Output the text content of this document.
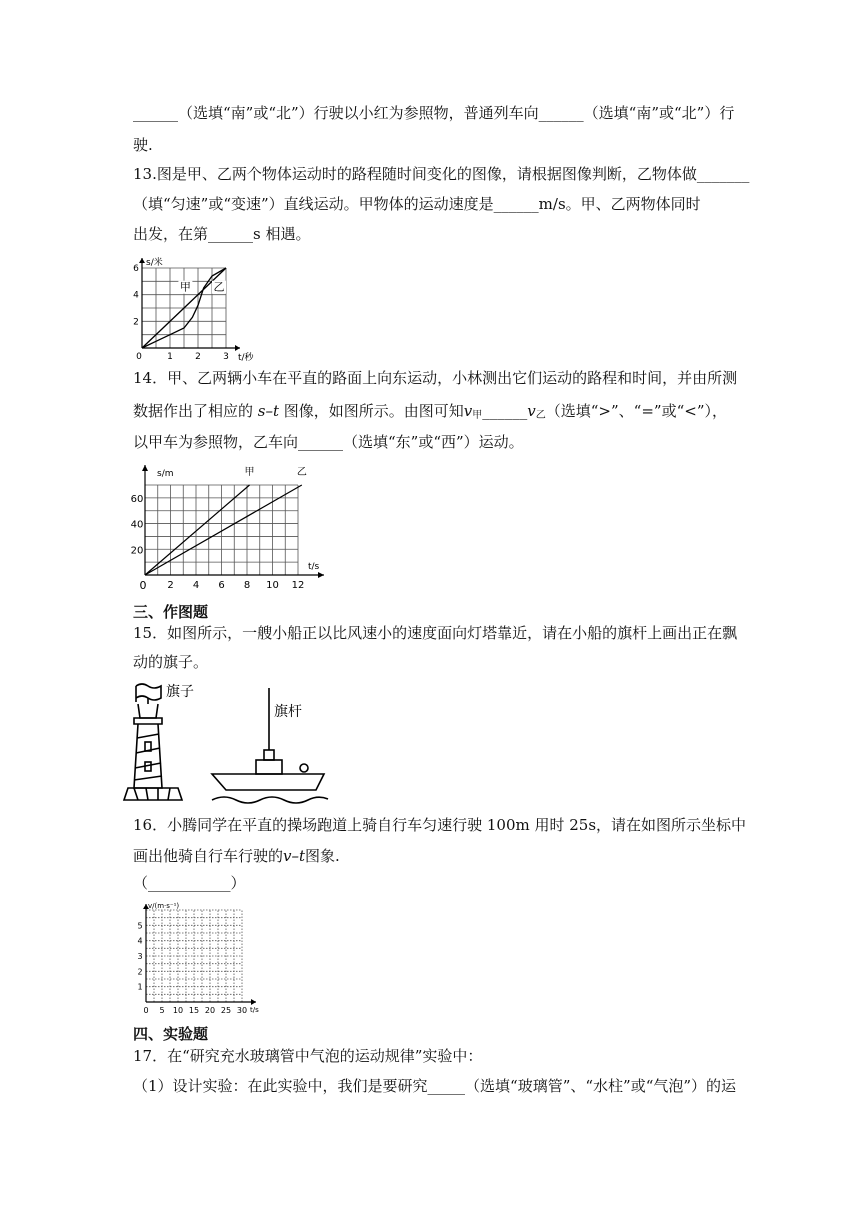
______（选填“南”或“北”）行驶以小红为参照物，普通列车向______（选填“南”或“北”）行
驶.
13.图是甲、乙两个物体运动时的路程随时间变化的图像，请根据图像判断，乙物体做_______
（填“匀速”或“变速”）直线运动。甲物体的运动速度是______m/s。甲、乙两物体同时
出发，在第______s 相遇。
14．甲、乙两辆小车在平直的路面上向东运动，小林测出它们运动的路程和时间，并由所测
数据作出了相应的 s–t 图像，如图所示。由图可知$v_甲\_\_\_\_\_\_v_乙$（选填“>”、“=”或“<”），
以甲车为参照物，乙车向______（选填“东”或“西”）运动。
三、作图题
15．如图所示，一艘小船正以比风速小的速度面向灯塔靠近，请在小船的旗杆上画出正在飘
动的旗子。
16．小腾同学在平直的操场跑道上骑自行车匀速行驶 100m 用时 25s，请在如图所示坐标中
画出他骑自行车行驶的v–t图象.
（___________）
四、实验题
17．在“研究充水玻璃管中气泡的运动规律”实验中：
（1）设计实验：在此实验中，我们是要研究_____（选填“玻璃管”、“水柱”或“气泡”）的运
1 2 3
2
4
6
0
s/米
t/秒
甲 乙
2 4 6 8 10 12
20
40
60
0
s/m
t/s
甲	乙
0 5 10 15 20 25 30
1
2
3
4
5
v/(m·s⁻¹)
t/s
旗子
旗杆
